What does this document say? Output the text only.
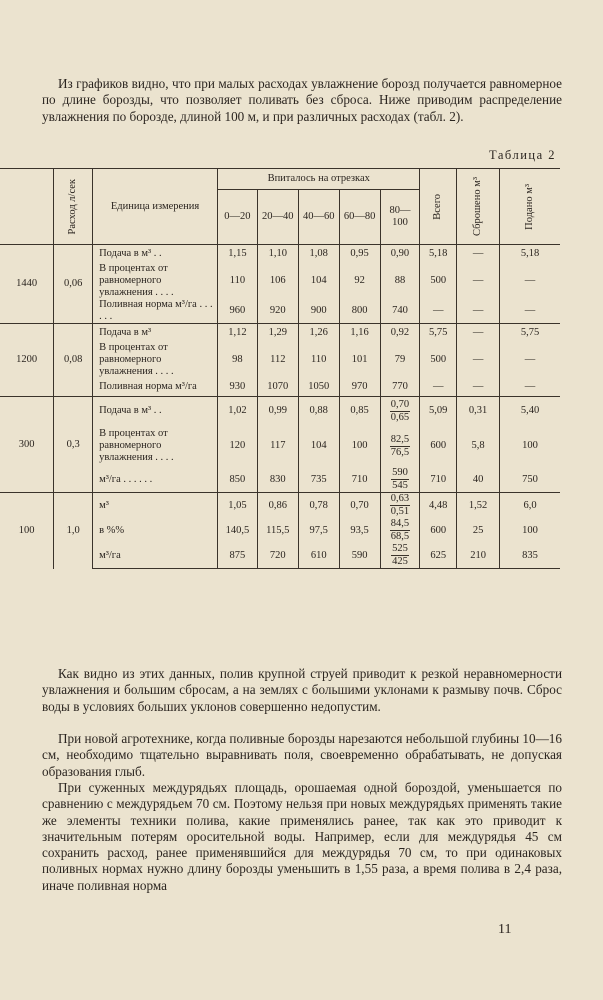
Из графиков видно, что при малых расходах увлажнение борозд получается равномерное по длине борозды, что позволяет поливать без сброса. Ниже приводим распределение увлажнения по борозде, длиной 100 м, и при различных расходах (табл. 2).

Таблица 2

	Расход л/сек	Единица измерения	Впиталось на отрезках					Всего	Сброшено м³	Подано м³

			0—20	20—40	40—60	60—80	80—100			
1440	0,06	Подача в м³ . .	1,15	1,10	1,08	0,95	0,90	5,18	—	5,18
		В процентах от равномерного увлажнения . . . .	110	106	104	92	88	500	—	—
		Поливная норма м³/га . . . . . .	960	920	900	800	740	—	—	—
1200	0,08	Подача в м³	1,12	1,29	1,26	1,16	0,92	5,75	—	5,75
		В процентах от равномерного увлажнения . . . .	98	112	110	101	79	500	—	—
		Поливная норма м³/га	930	1070	1050	970	770	—	—	—
300	0,3	Подача в м³ . .	1,02	0,99	0,88	0,85	$\frac{0,70}{0,65}$	5,09	0,31	5,40
		В процентах от равномерного увлажнения . . . .	120	117	104	100	$\frac{82,5}{76,5}$	600	5,8	100
		м³/га . . . . . .	850	830	735	710	$\frac{590}{545}$	710	40	750
100	1,0	м³	1,05	0,86	0,78	0,70	$\frac{0,63}{0,51}$	4,48	1,52	6,0
		в %%	140,5	115,5	97,5	93,5	$\frac{84,5}{68,5}$	600	25	100
		м³/га	875	720	610	590	$\frac{525}{425}$	625	210	835

Как видно из этих данных, полив крупной струей приводит к резкой неравномерности увлажнения и большим сбросам, а на землях с большими уклонами к размыву почв. Сброс воды в условиях больших уклонов совершенно недопустим.

При новой агротехнике, когда поливные борозды нарезаются небольшой глубины 10—16 см, необходимо тщательно выравнивать поля, своевременно обрабатывать, не допуская образования глыб.

При суженных междурядьях площадь, орошаемая одной бороздой, уменьшается по сравнению с междурядьем 70 см. Поэтому нельзя при новых междурядьях применять такие же элементы техники полива, какие применялись ранее, так как это приводит к значительным потерям оросительной воды. Например, если для междурядья 45 см сохранить расход, ранее применявшийся для междурядья 70 см, то при одинаковых поливных нормах нужно длину борозды уменьшить в 1,55 раза, а время полива в 2,4 раза, иначе поливная норма

11
